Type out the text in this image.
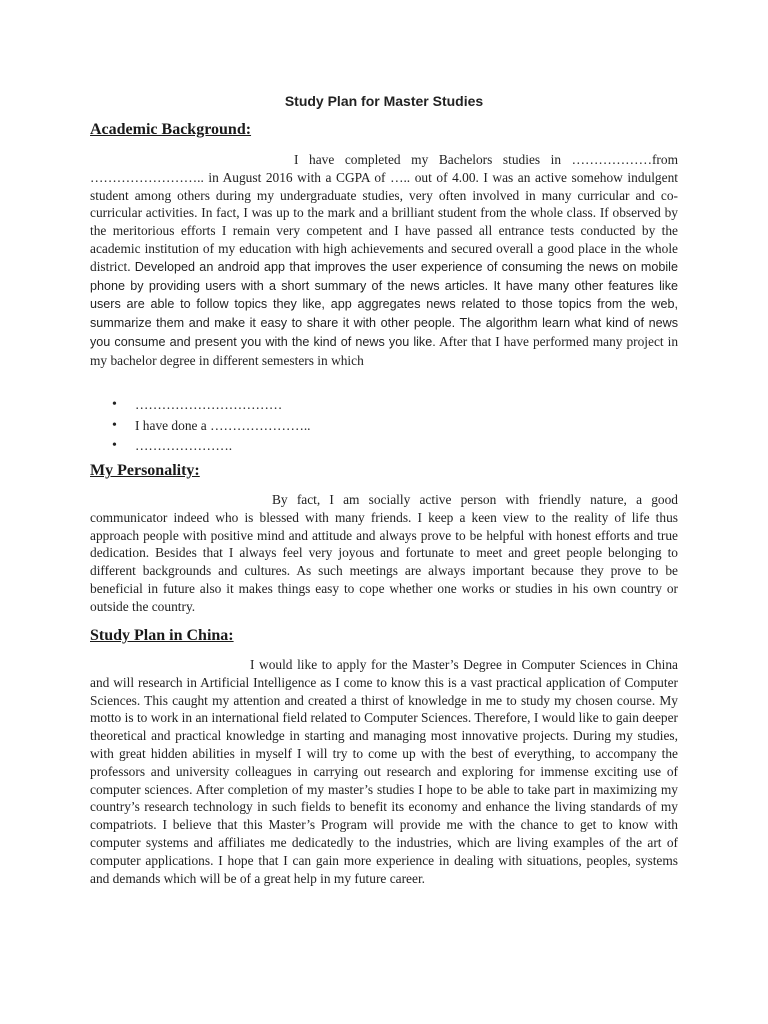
Study Plan for Master Studies
Academic Background:

I have completed my Bachelors studies in ………………from …………………….. in August 2016 with a CGPA of ….. out of 4.00. I was an active somehow indulgent student among others during my undergraduate studies, very often involved in many curricular and co-curricular activities. In fact, I was up to the mark and a brilliant student from the whole class. If observed by the meritorious efforts I remain very competent and I have passed all entrance tests conducted by the academic institution of my education with high achievements and secured overall a good place in the whole district. Developed an android app that improves the user experience of consuming the news on mobile phone by providing users with a short summary of the news articles. It have many other features like users are able to follow topics they like, app aggregates news related to those topics from the web, summarize them and make it easy to share it with other people. The algorithm learn what kind of news you consume and present you with the kind of news you like. After that I have performed many project in my bachelor degree in different semesters in which

• ……………………………
• I have done a …………………..
• ………………….
My Personality:

By fact, I am socially active person with friendly nature, a good communicator indeed who is blessed with many friends. I keep a keen view to the reality of life thus approach people with positive mind and attitude and always prove to be helpful with honest efforts and true dedication. Besides that I always feel very joyous and fortunate to meet and greet people belonging to different backgrounds and cultures. As such meetings are always important because they prove to be beneficial in future also it makes things easy to cope whether one works or studies in his own country or outside the country.

Study Plan in China:

I would like to apply for the Master’s Degree in Computer Sciences in China and will research in Artificial Intelligence as I come to know this is a vast practical application of Computer Sciences. This caught my attention and created a thirst of knowledge in me to study my chosen course. My motto is to work in an international field related to Computer Sciences. Therefore, I would like to gain deeper theoretical and practical knowledge in starting and managing most innovative projects. During my studies, with great hidden abilities in myself I will try to come up with the best of everything, to accompany the professors and university colleagues in carrying out research and exploring for immense exciting use of computer sciences. After completion of my master’s studies I hope to be able to take part in maximizing my country’s research technology in such fields to benefit its economy and enhance the living standards of my compatriots. I believe that this Master’s Program will provide me with the chance to get to know with computer systems and affiliates me dedicatedly to the industries, which are living examples of the art of computer applications. I hope that I can gain more experience in dealing with situations, peoples, systems and demands which will be of a great help in my future career.
